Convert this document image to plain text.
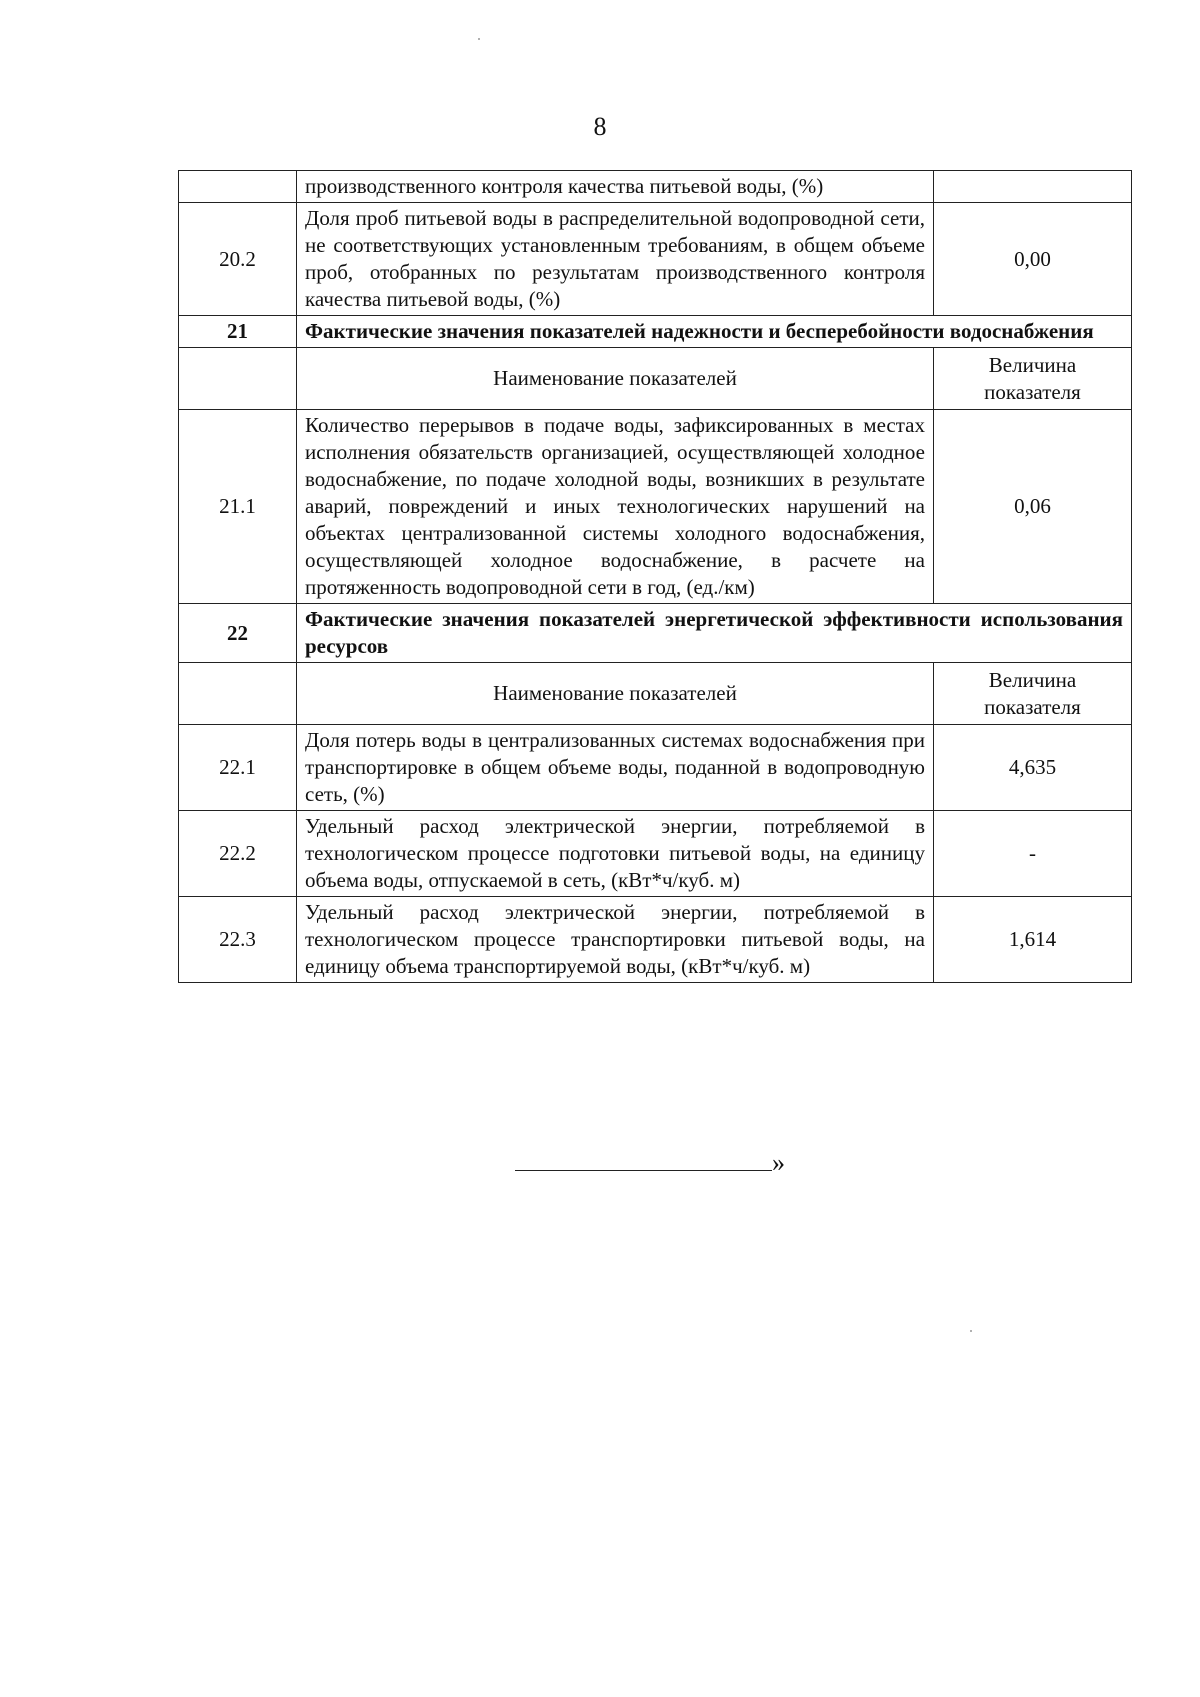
8
	производственного контроля качества питьевой воды, (%)	
20.2	Доля проб питьевой воды в распределительной водопроводной сети, не соответствующих установленным требованиям, в общем объеме проб, отобранных по результатам производственного контроля качества питьевой воды, (%)	0,00
21	Фактические значения показателей надежности и бесперебойности водоснабжения	
	Наименование показателей	Величина показателя
21.1	Количество перерывов в подаче воды, зафиксированных в местах исполнения обязательств организацией, осуществляющей холодное водоснабжение, по подаче холодной воды, возникших в результате аварий, повреждений и иных технологических нарушений на объектах централизованной системы холодного водоснабжения, осуществляющей холодное водоснабжение, в расчете на протяженность водопроводной сети в год, (ед./км)	0,06
22	Фактические значения показателей энергетической эффективности использования ресурсов	
	Наименование показателей	Величина показателя
22.1	Доля потерь воды в централизованных системах водоснабжения при транспортировке в общем объеме воды, поданной в водопроводную сеть, (%)	4,635
22.2	Удельный расход электрической энергии, потребляемой в технологическом процессе подготовки питьевой воды, на единицу объема воды, отпускаемой в сеть, (кВт*ч/куб. м)	-
22.3	Удельный расход электрической энергии, потребляемой в технологическом процессе транспортировки питьевой воды, на единицу объема транспортируемой воды, (кВт*ч/куб. м)	1,614
»
